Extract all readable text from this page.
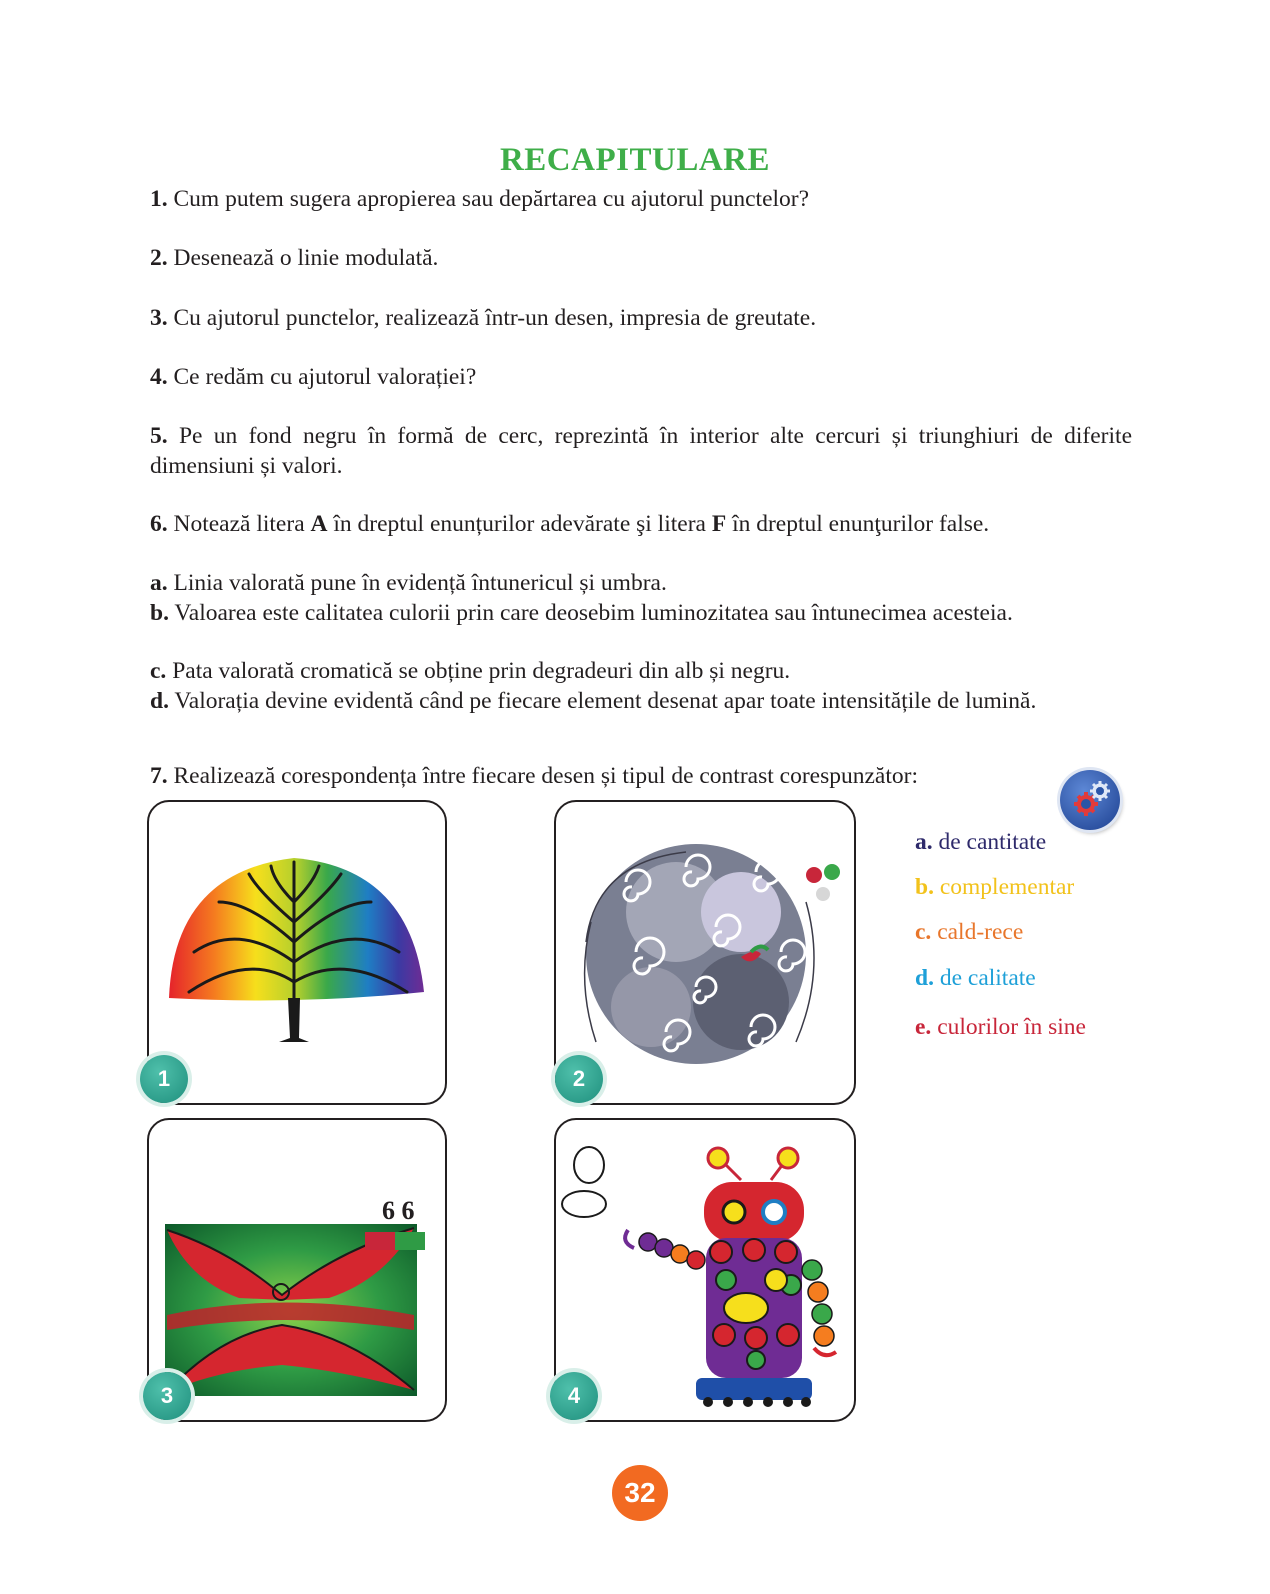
RECAPITULARE
1. Cum putem sugera apropierea sau depărtarea cu ajutorul punctelor?
2. Desenează o linie modulată.
3. Cu ajutorul punctelor, realizează într-un desen, impresia de greutate.
4. Ce redăm cu ajutorul valorației?
5. Pe un fond negru în formă de cerc, reprezintă în interior alte cercuri și triunghiuri de diferite dimensiuni și valori.
6. Notează litera A în dreptul enunțurilor adevărate şi litera F în dreptul enunţurilor false.
a. Linia valorată pune în evidență întunericul și umbra.
b. Valoarea este calitatea culorii prin care deosebim luminozitatea sau întunecimea acesteia.
c. Pata valorată cromatică se obține prin degradeuri din alb și negru.
d. Valorația devine evidentă când pe fiecare element desenat apar toate intensitățile de lumină.
7. Realizează corespondența între fiecare desen și tipul de contrast corespunzător:
1	2
6 6
3	4
a. de cantitate
b. complementar
c. cald-rece
d. de calitate
e. culorilor în sine
32
